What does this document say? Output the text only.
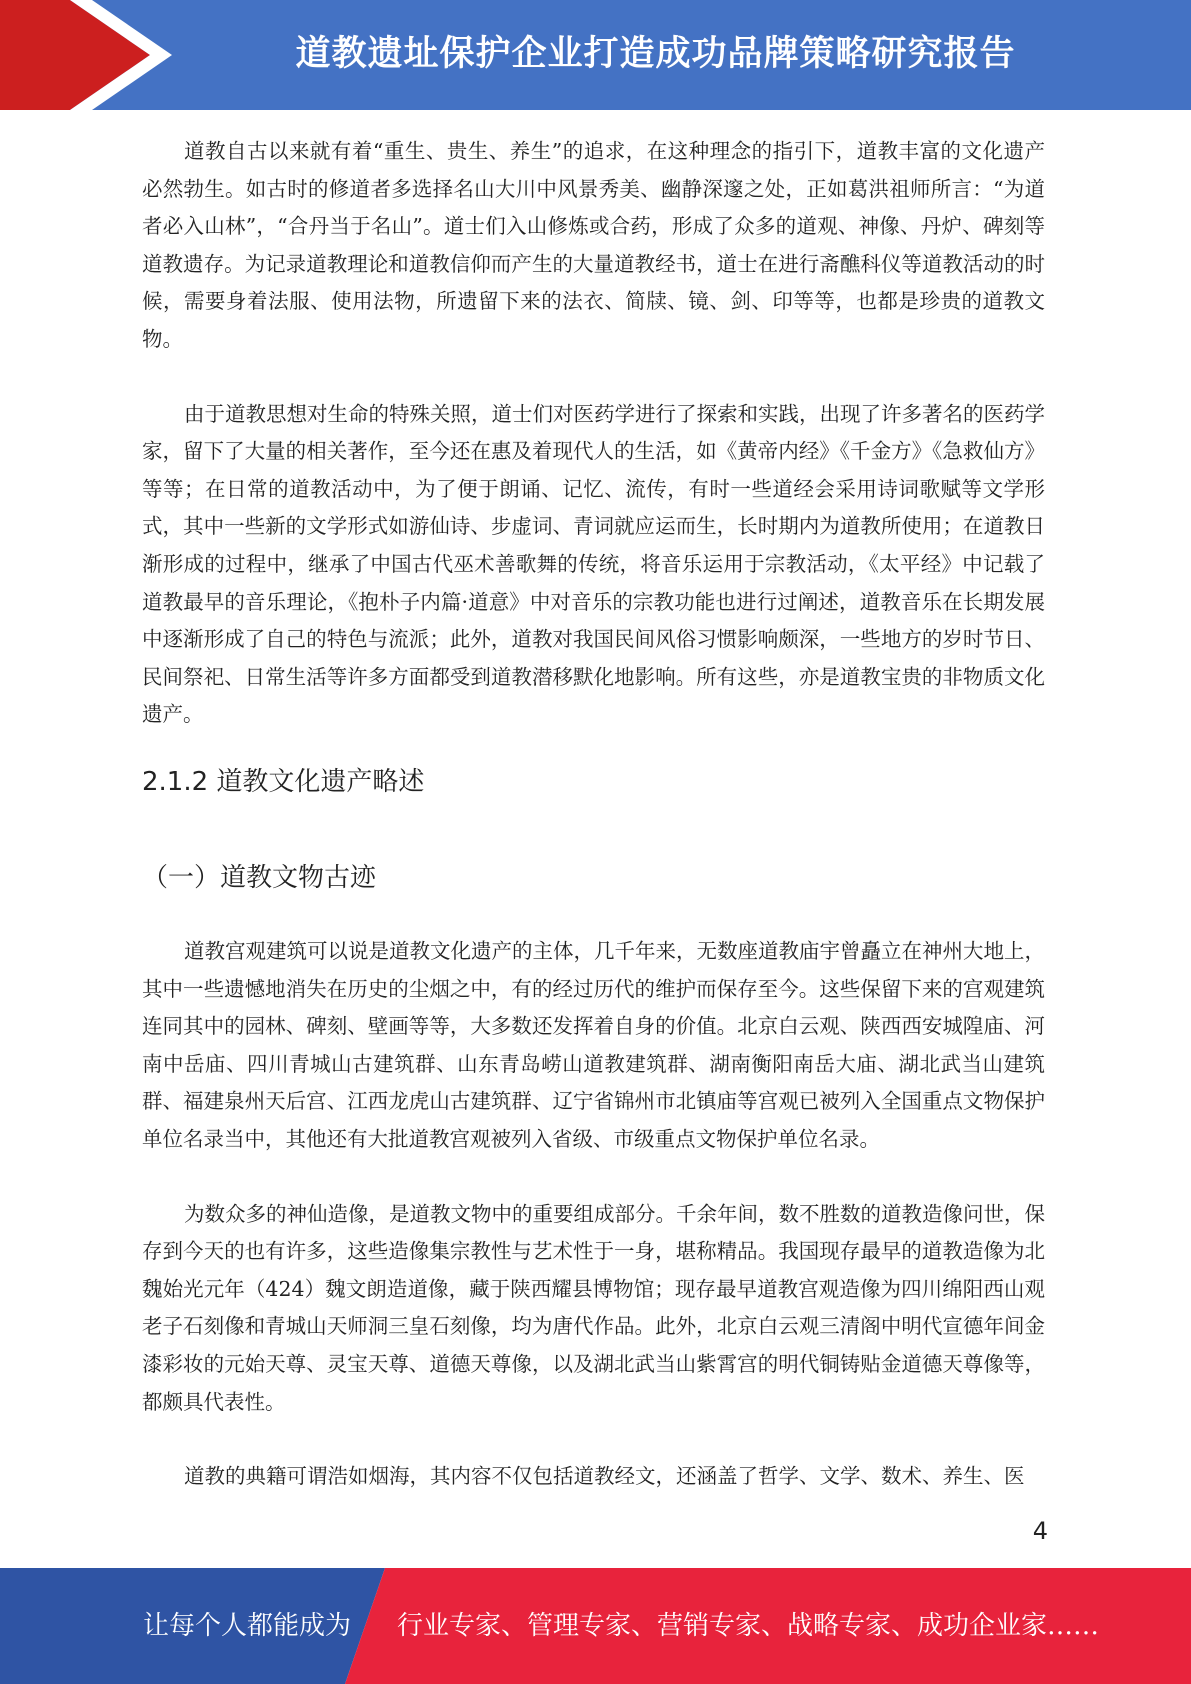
道教遗址保护企业打造成功品牌策略研究报告

道教自古以来就有着“重生、贵生、养生”的追求，在这种理念的指引下，道教丰富的文化遗产必然勃生。如古时的修道者多选择名山大川中风景秀美、幽静深邃之处，正如葛洪祖师所言：“为道者必入山林”，“合丹当于名山”。道士们入山修炼或合药，形成了众多的道观、神像、丹炉、碑刻等道教遗存。为记录道教理论和道教信仰而产生的大量道教经书，道士在进行斋醮科仪等道教活动的时候，需要身着法服、使用法物，所遗留下来的法衣、简牍、镜、剑、印等等，也都是珍贵的道教文物。

由于道教思想对生命的特殊关照，道士们对医药学进行了探索和实践，出现了许多著名的医药学家，留下了大量的相关著作，至今还在惠及着现代人的生活，如《黄帝内经》《千金方》《急救仙方》等等；在日常的道教活动中，为了便于朗诵、记忆、流传，有时一些道经会采用诗词歌赋等文学形式，其中一些新的文学形式如游仙诗、步虚词、青词就应运而生，长时期内为道教所使用；在道教日渐形成的过程中，继承了中国古代巫术善歌舞的传统，将音乐运用于宗教活动，《太平经》中记载了道教最早的音乐理论，《抱朴子内篇·道意》中对音乐的宗教功能也进行过阐述，道教音乐在长期发展中逐渐形成了自己的特色与流派；此外，道教对我国民间风俗习惯影响颇深，一些地方的岁时节日、民间祭祀、日常生活等许多方面都受到道教潜移默化地影响。所有这些，亦是道教宝贵的非物质文化遗产。

2.1.2 道教文化遗产略述
（一）道教文物古迹

道教宫观建筑可以说是道教文化遗产的主体，几千年来，无数座道教庙宇曾矗立在神州大地上，其中一些遗憾地消失在历史的尘烟之中，有的经过历代的维护而保存至今。这些保留下来的宫观建筑连同其中的园林、碑刻、壁画等等，大多数还发挥着自身的价值。北京白云观、陕西西安城隍庙、河南中岳庙、四川青城山古建筑群、山东青岛崂山道教建筑群、湖南衡阳南岳大庙、湖北武当山建筑群、福建泉州天后宫、江西龙虎山古建筑群、辽宁省锦州市北镇庙等宫观已被列入全国重点文物保护单位名录当中，其他还有大批道教宫观被列入省级、市级重点文物保护单位名录。

为数众多的神仙造像，是道教文物中的重要组成部分。千余年间，数不胜数的道教造像问世，保存到今天的也有许多，这些造像集宗教性与艺术性于一身，堪称精品。我国现存最早的道教造像为北魏始光元年（424）魏文朗造道像，藏于陕西耀县博物馆；现存最早道教宫观造像为四川绵阳西山观老子石刻像和青城山天师洞三皇石刻像，均为唐代作品。此外，北京白云观三清阁中明代宣德年间金漆彩妆的元始天尊、灵宝天尊、道德天尊像，以及湖北武当山紫霄宫的明代铜铸贴金道德天尊像等，都颇具代表性。

道教的典籍可谓浩如烟海，其内容不仅包括道教经文，还涵盖了哲学、文学、数术、养生、医

4
让每个人都能成为 行业专家、管理专家、营销专家、战略专家、成功企业家……
